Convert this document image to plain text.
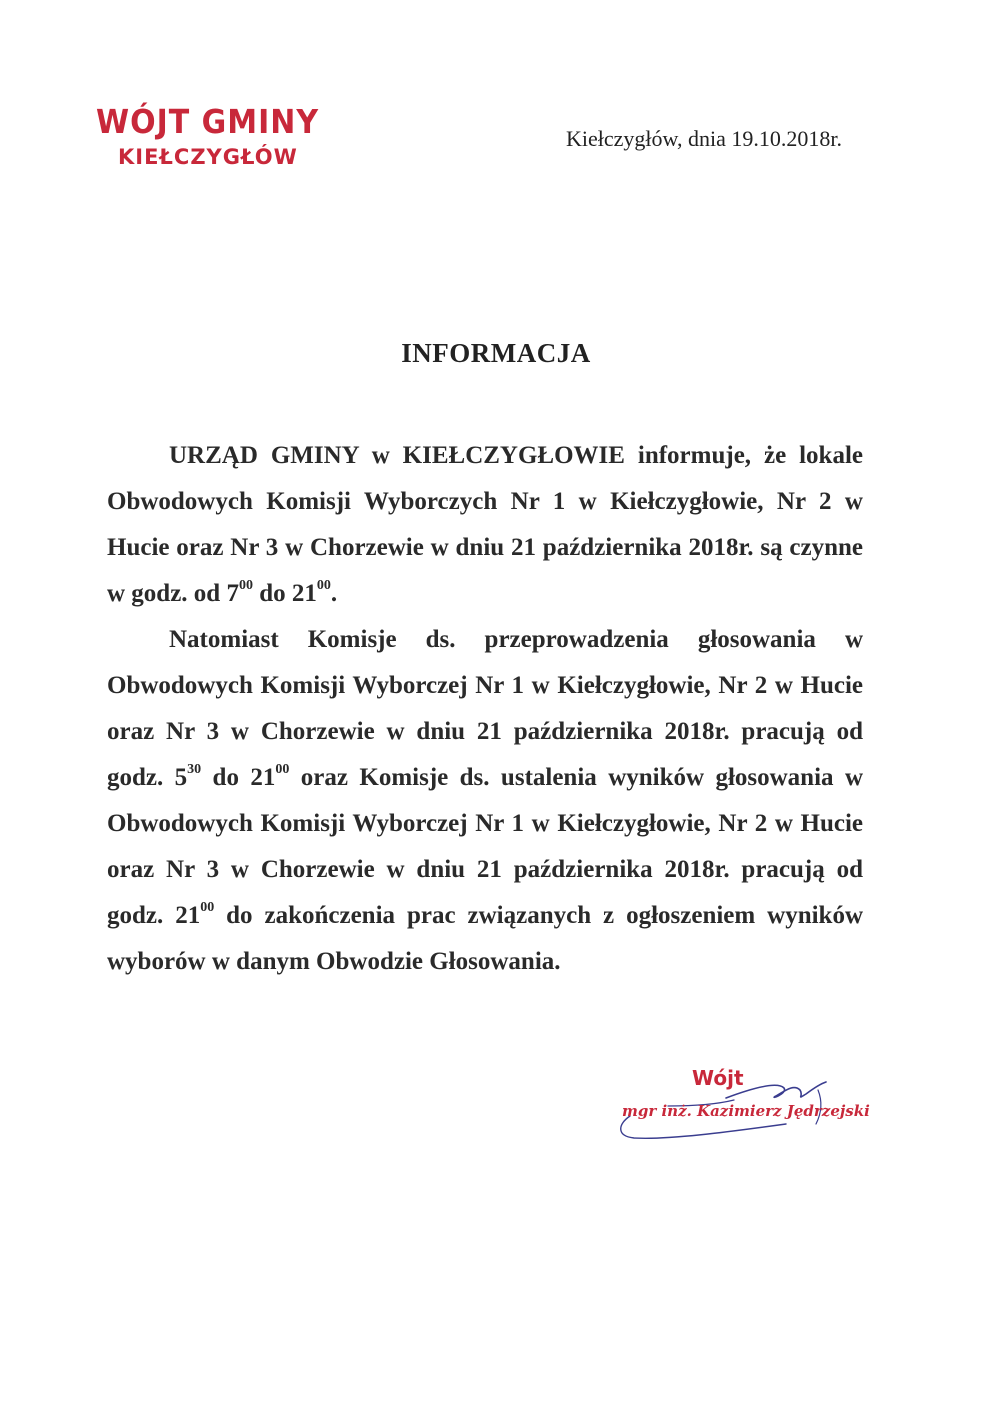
WÓJT GMINY
KIEŁCZYGŁÓW
Kiełczygłów, dnia 19.10.2018r.
INFORMACJA

URZĄD GMINY w KIEŁCZYGŁOWIE informuje, że lokale Obwodowych Komisji Wyborczych Nr 1 w Kiełczygłowie, Nr 2 w Hucie oraz Nr 3 w Chorzewie w dniu 21 października 2018r. są czynne w godz. od $7^{00}$ do $21^{00}$.

Natomiast Komisje ds. przeprowadzenia głosowania w Obwodowych Komisji Wyborczej Nr 1 w Kiełczygłowie, Nr 2 w Hucie oraz Nr 3 w Chorzewie w dniu 21 października 2018r. pracują od godz. $5^{30}$ do $21^{00}$ oraz Komisje ds. ustalenia wyników głosowania w Obwodowych Komisji Wyborczej Nr 1 w Kiełczygłowie, Nr 2 w Hucie oraz Nr 3 w Chorzewie w dniu 21 października 2018r. pracują od godz. $21^{00}$ do zakończenia prac związanych z ogłoszeniem wyników wyborów w danym Obwodzie Głosowania.

Wójt
mgr inż. Kazimierz Jędrzejski
